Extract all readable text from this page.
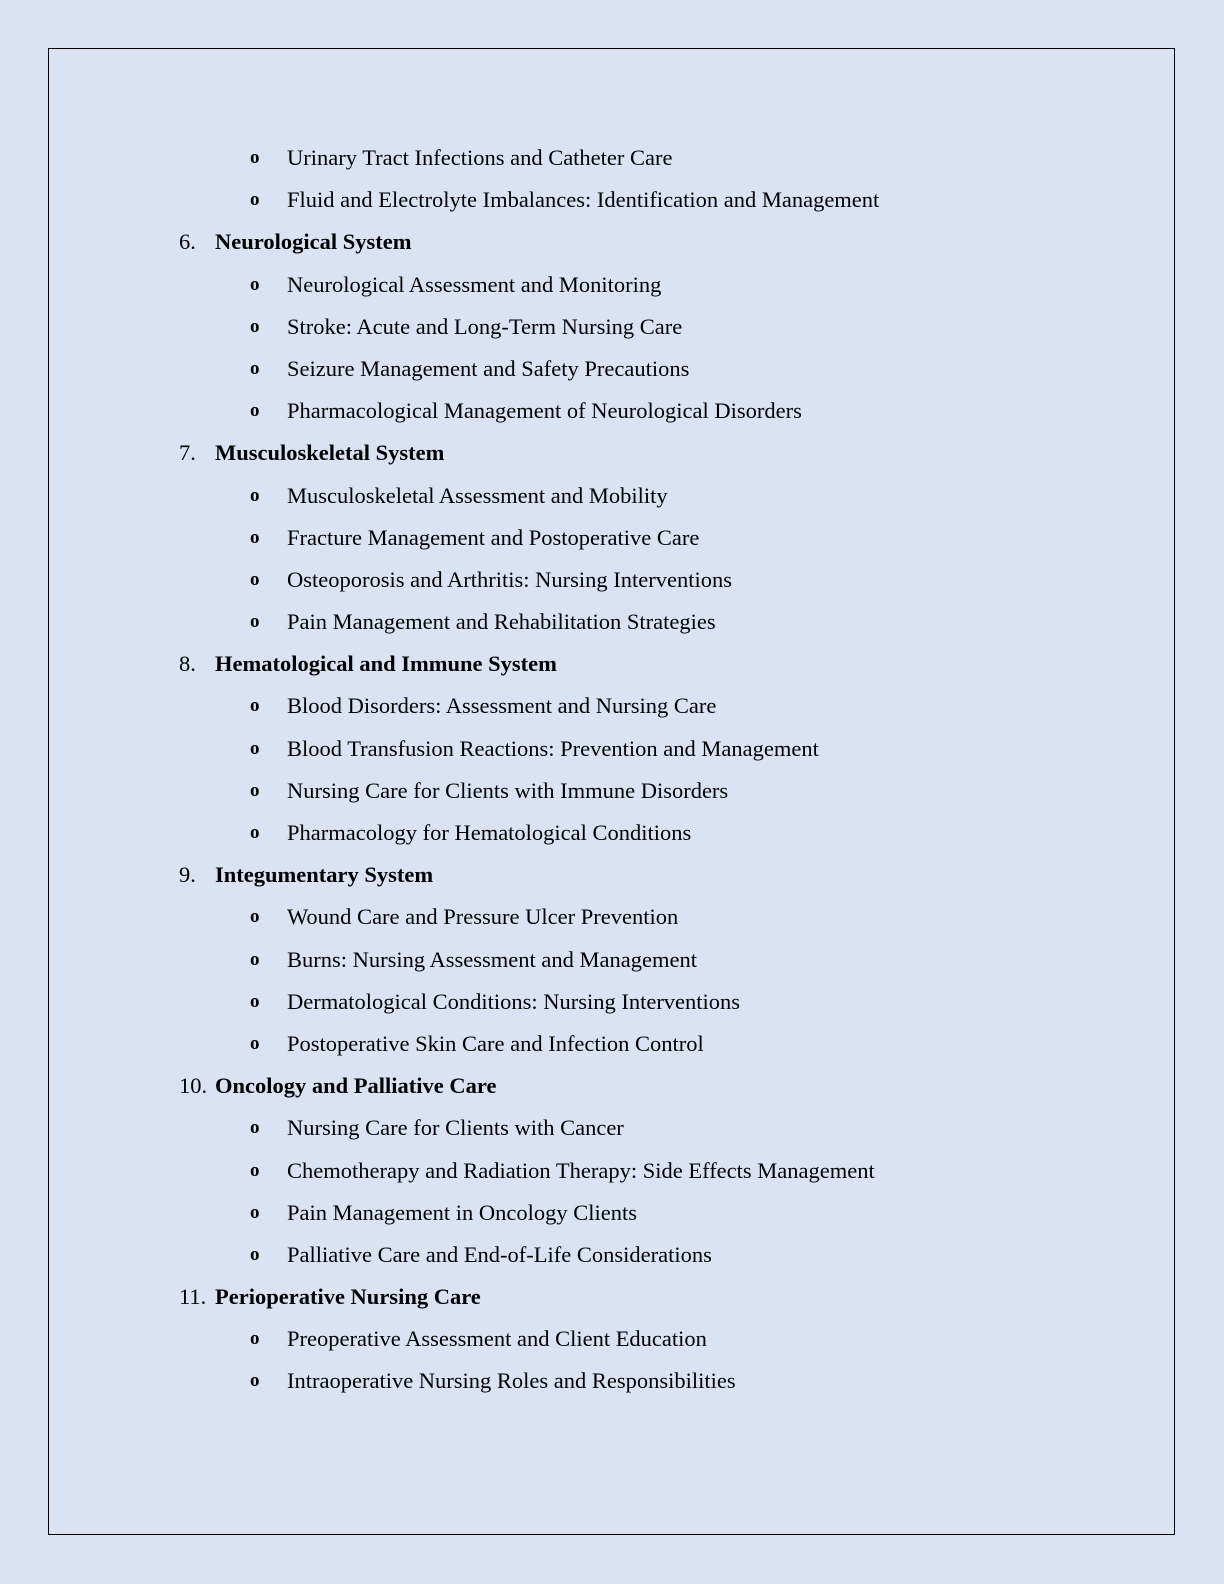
o Urinary Tract Infections and Catheter Care
o Fluid and Electrolyte Imbalances: Identification and Management
6. Neurological System
o Neurological Assessment and Monitoring
o Stroke: Acute and Long-Term Nursing Care
o Seizure Management and Safety Precautions
o Pharmacological Management of Neurological Disorders
7. Musculoskeletal System
o Musculoskeletal Assessment and Mobility
o Fracture Management and Postoperative Care
o Osteoporosis and Arthritis: Nursing Interventions
o Pain Management and Rehabilitation Strategies
8. Hematological and Immune System
o Blood Disorders: Assessment and Nursing Care
o Blood Transfusion Reactions: Prevention and Management
o Nursing Care for Clients with Immune Disorders
o Pharmacology for Hematological Conditions
9. Integumentary System
o Wound Care and Pressure Ulcer Prevention
o Burns: Nursing Assessment and Management
o Dermatological Conditions: Nursing Interventions
o Postoperative Skin Care and Infection Control
10. Oncology and Palliative Care
o Nursing Care for Clients with Cancer
o Chemotherapy and Radiation Therapy: Side Effects Management
o Pain Management in Oncology Clients
o Palliative Care and End-of-Life Considerations
11. Perioperative Nursing Care
o Preoperative Assessment and Client Education
o Intraoperative Nursing Roles and Responsibilities
